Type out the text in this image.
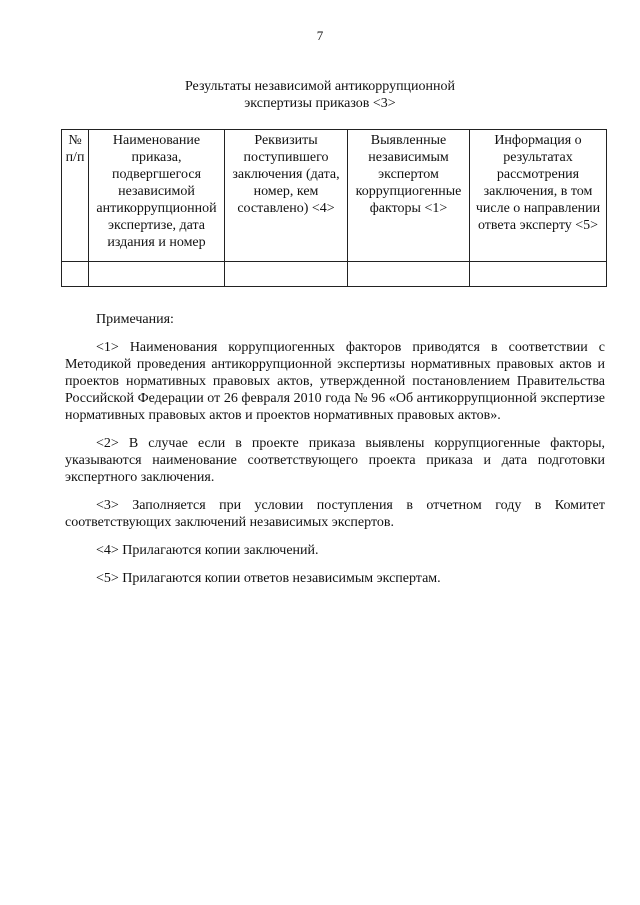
7
Результаты независимой антикоррупционной
экспертизы приказов <3>
№ п/п	Наименование приказа, подвергшегося независимой антикоррупционной экспертизе, дата издания и номер	Реквизиты поступившего заключения (дата, номер, кем составлено) <4>	Выявленные независимым экспертом коррупциогенные факторы <1>	Информация о результатах рассмотрения заключения, в том числе о направлении ответа эксперту <5>

Примечания:

<1> Наименования коррупциогенных факторов приводятся в соответствии с Методикой проведения антикоррупционной экспертизы нормативных правовых актов и проектов нормативных правовых актов, утвержденной постановлением Правительства Российской Федерации от 26 февраля 2010 года № 96 «Об антикоррупционной экспертизе нормативных правовых актов и проектов нормативных правовых актов».

<2> В случае если в проекте приказа выявлены коррупциогенные факторы, указываются наименование соответствующего проекта приказа и дата подготовки экспертного заключения.

<3> Заполняется при условии поступления в отчетном году в Комитет соответствующих заключений независимых экспертов.

<4> Прилагаются копии заключений.

<5> Прилагаются копии ответов независимым экспертам.
